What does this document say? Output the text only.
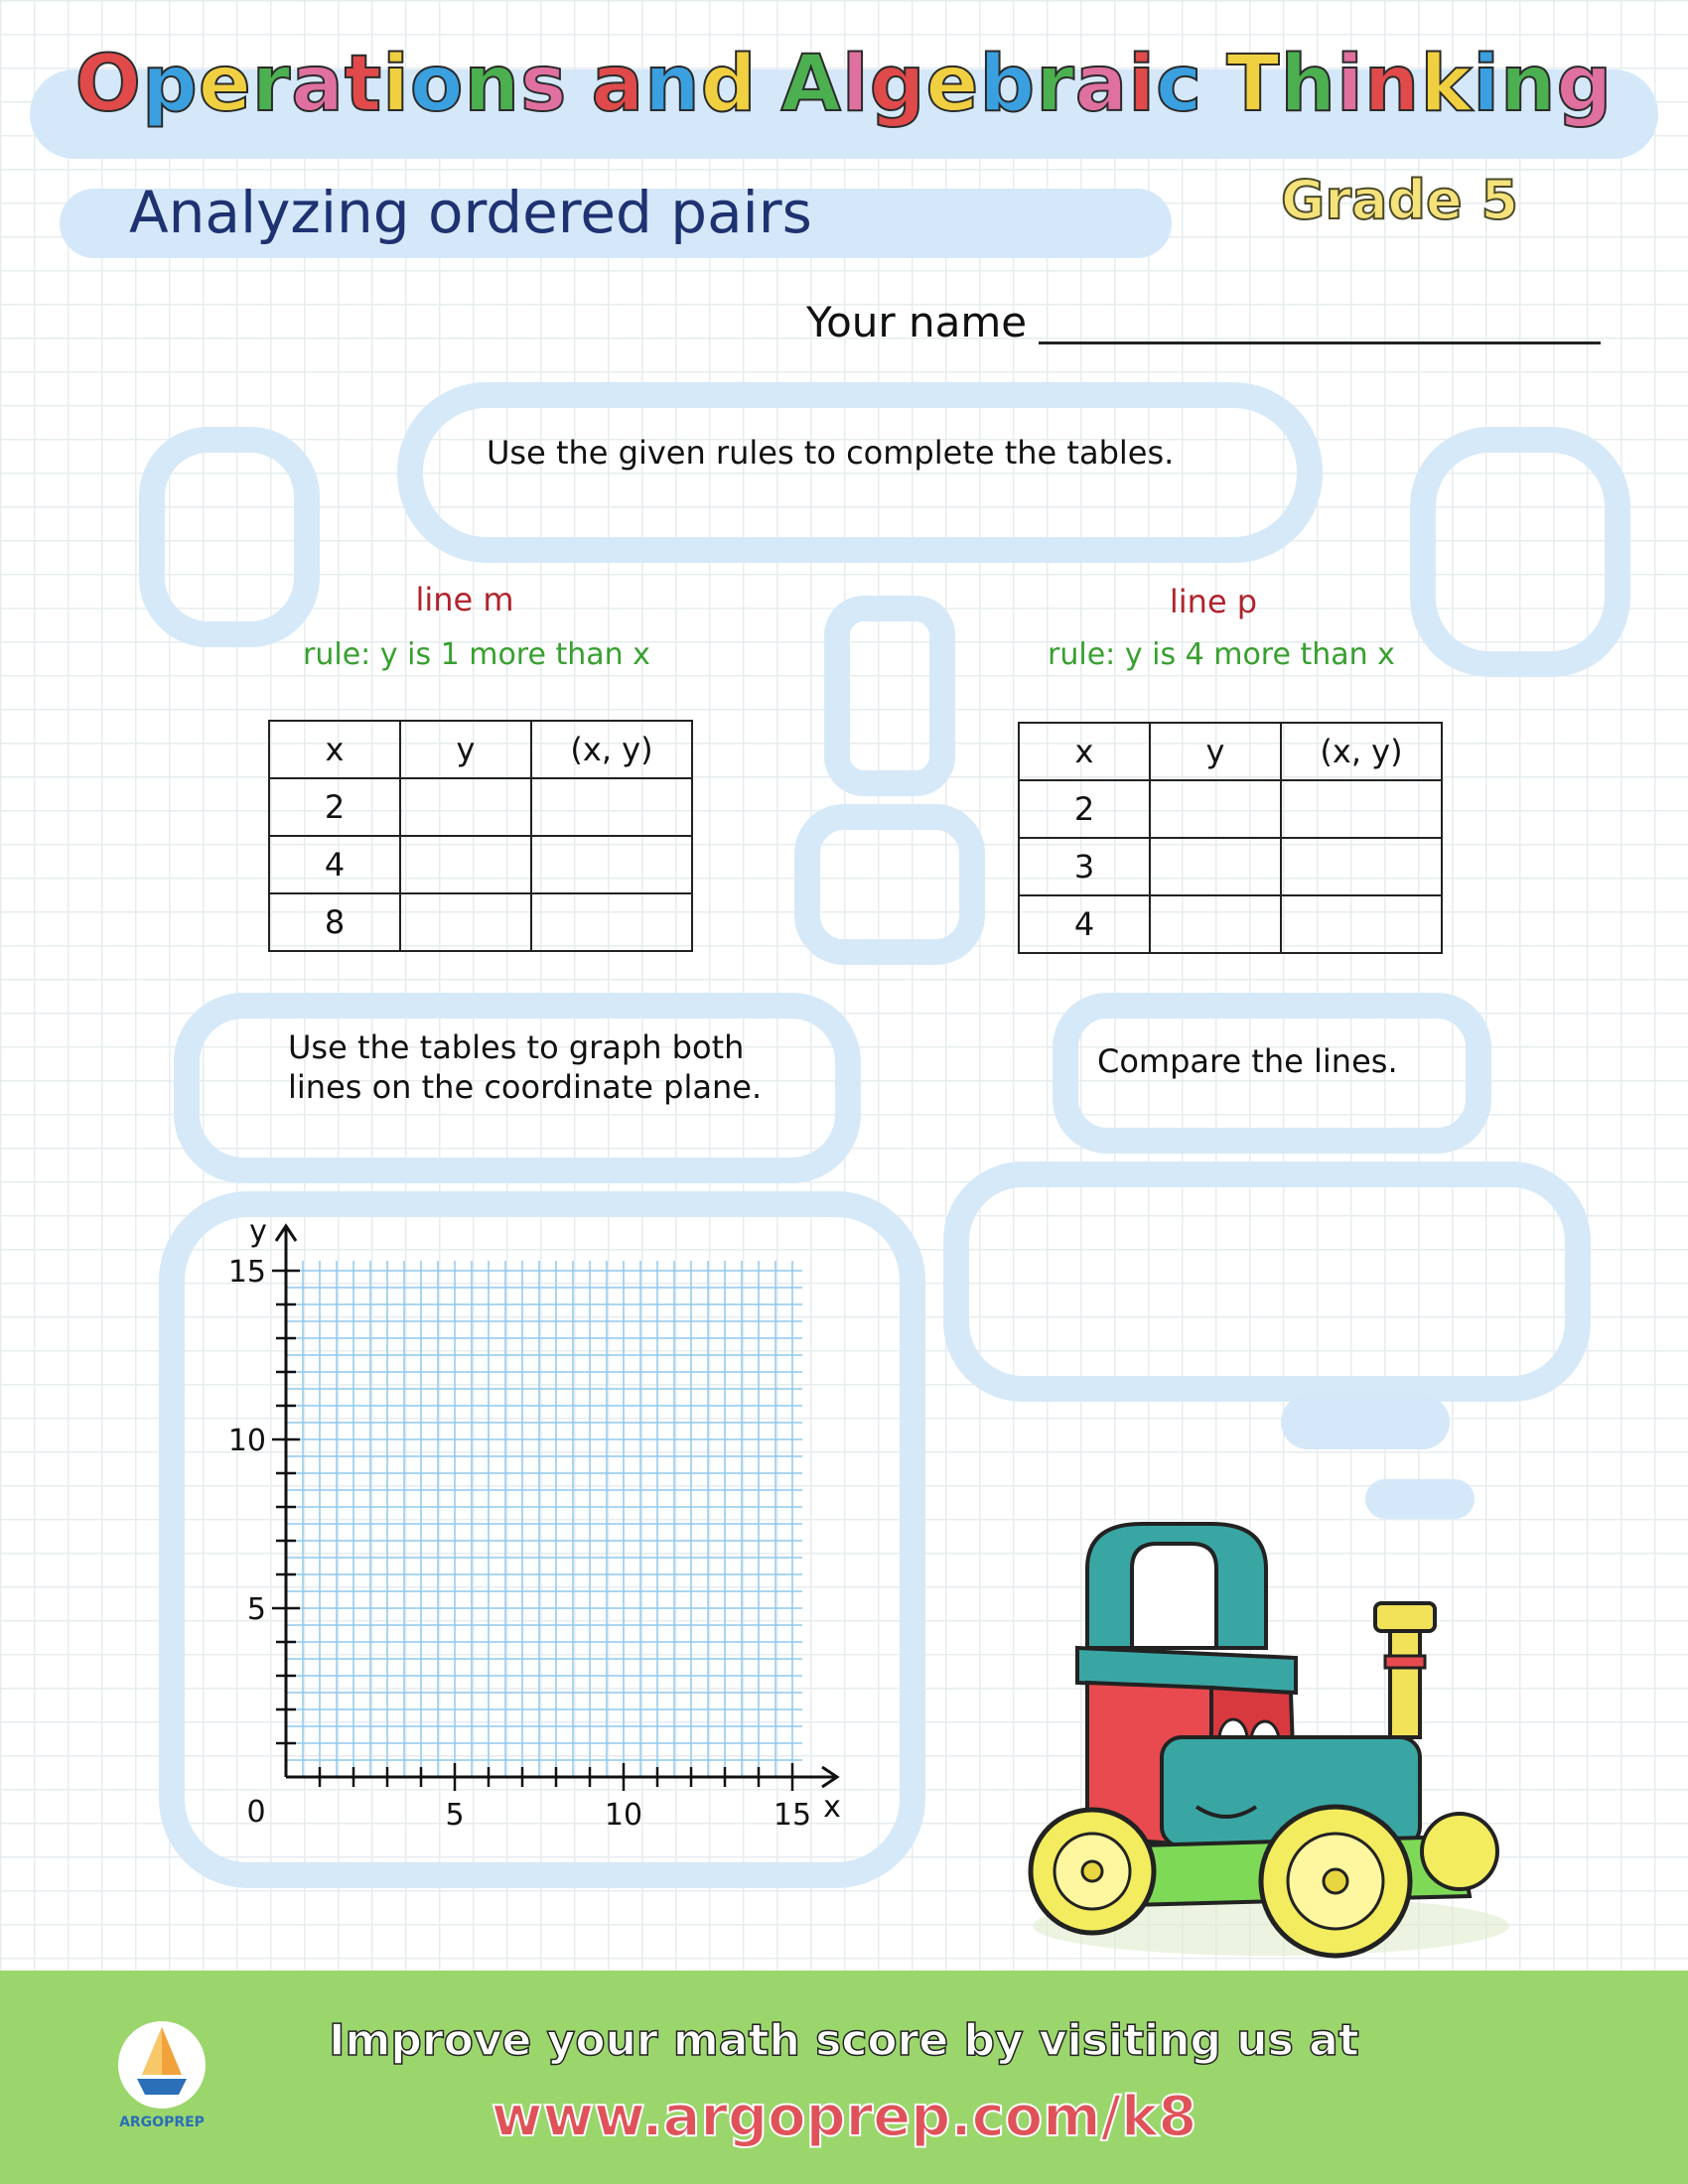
Operations and Algebraic Thinking
Analyzing ordered pairs	Grade 5
Your name
Use the given rules to complete the tables.
line m
rule: y is 1 more than x
x	y	(x, y)
2		
4		
8		
line p
rule: y is 4 more than x
x	y	(x, y)
2		
3		
4		
Use the tables to graph both
lines on the coordinate plane.
Compare the lines.
5	10	15
5
10
15
0	x
y
ARGOPREP
Improve your math score by visiting us at
www.argoprep.com/k8
